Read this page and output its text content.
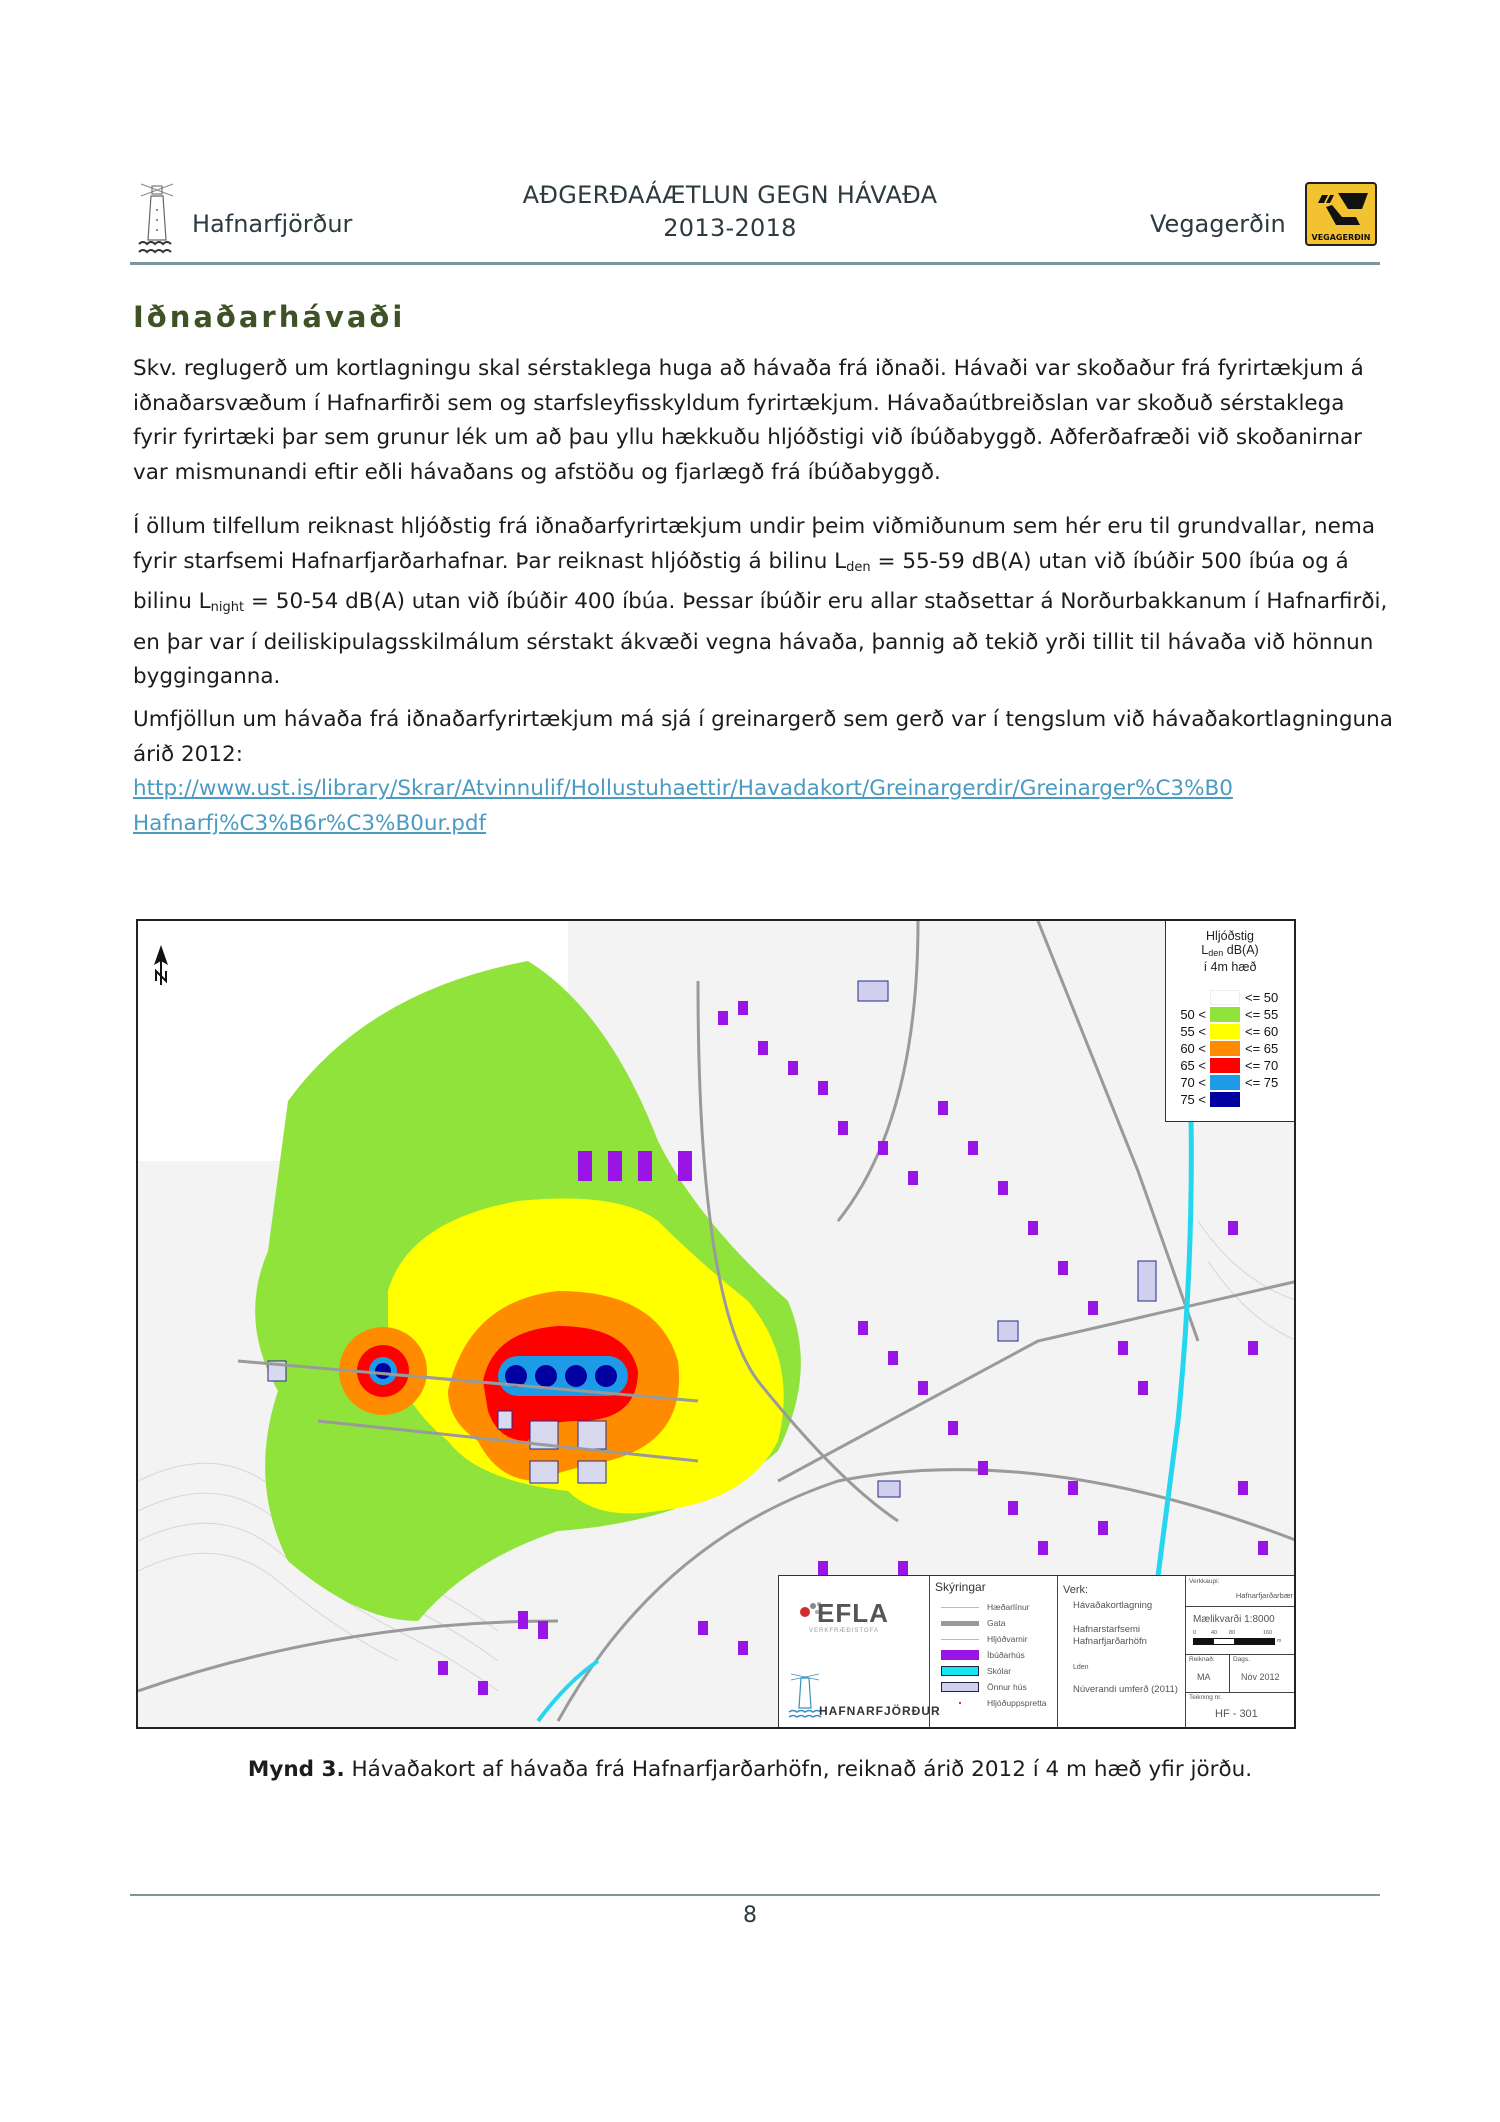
Hafnarfjörður
AÐGERÐAÁÆTLUN GEGN HÁVAÐA
2013-2018	Vegagerðin	VEGAGERÐIN
Iðnaðarhávaði
Skv. reglugerð um kortlagningu skal sérstaklega huga að hávaða frá iðnaði. Hávaði var skoðaður frá fyrirtækjum á iðnaðarsvæðum í Hafnarfirði sem og starfsleyfisskyldum fyrirtækjum. Hávaðaútbreiðslan var skoðuð sérstaklega fyrir fyrirtæki þar sem grunur lék um að þau yllu hækkuðu hljóðstigi við íbúðabyggð. Aðferðafræði við skoðanirnar var mismunandi eftir eðli hávaðans og afstöðu og fjarlægð frá íbúðabyggð.
Í öllum tilfellum reiknast hljóðstig frá iðnaðarfyrirtækjum undir þeim viðmiðunum sem hér eru til grundvallar, nema fyrir starfsemi Hafnarfjarðarhafnar. Þar reiknast hljóðstig á bilinu $L_{den} = 55-59$ dB(A) utan við íbúðir 500 íbúa og á bilinu $L_{night} = 50-54$ dB(A) utan við íbúðir 400 íbúa. Þessar íbúðir eru allar staðsettar á Norðurbakkanum í Hafnarfirði, en þar var í deiliskipulagsskilmálum sérstakt ákvæði vegna hávaða, þannig að tekið yrði tillit til hávaða við hönnun bygginganna.
Umfjöllun um hávaða frá iðnaðarfyrirtækjum má sjá í greinargerð sem gerð var í tengslum við hávaðakortlagninguna árið 2012:
http://www.ust.is/library/Skrar/Atvinnulif/Hollustuhaettir/Havadakort/Greinargerdir/Greinarger%C3%B0
Hafnarfj%C3%B6r%C3%B0ur.pdf
Hljóðstig
$L_{den}$ dB(A)
í 4m hæð
<= 50
50 <	<= 55
55 <	<= 60
60 <	<= 65
65 <	<= 70
70 <	<= 75
75 <
EFLA
VERKFRÆÐISTOFA
HAFNARFJÖRÐUR
Skýringar
Hæðarlínur
Gata
Hljóðvarnir
Íbúðarhús
Skólar
Önnur hús
Hljóðuppspretta
Verk:
Hávaðakortlagning
Hafnarstarfsemi
Hafnarfjarðarhöfn
Lden
Núverandi umferð (2011)
Verkkaupi:
Hafnarfjarðarbær
Mælikvarði 1:8000
0	40 80	160
m
Reiknað:
MA
Dags.
Nóv 2012
Teikning nr.
HF - 301
Mynd 3. Hávaðakort af hávaða frá Hafnarfjarðarhöfn, reiknað árið 2012 í 4 m hæð yfir jörðu.
8
